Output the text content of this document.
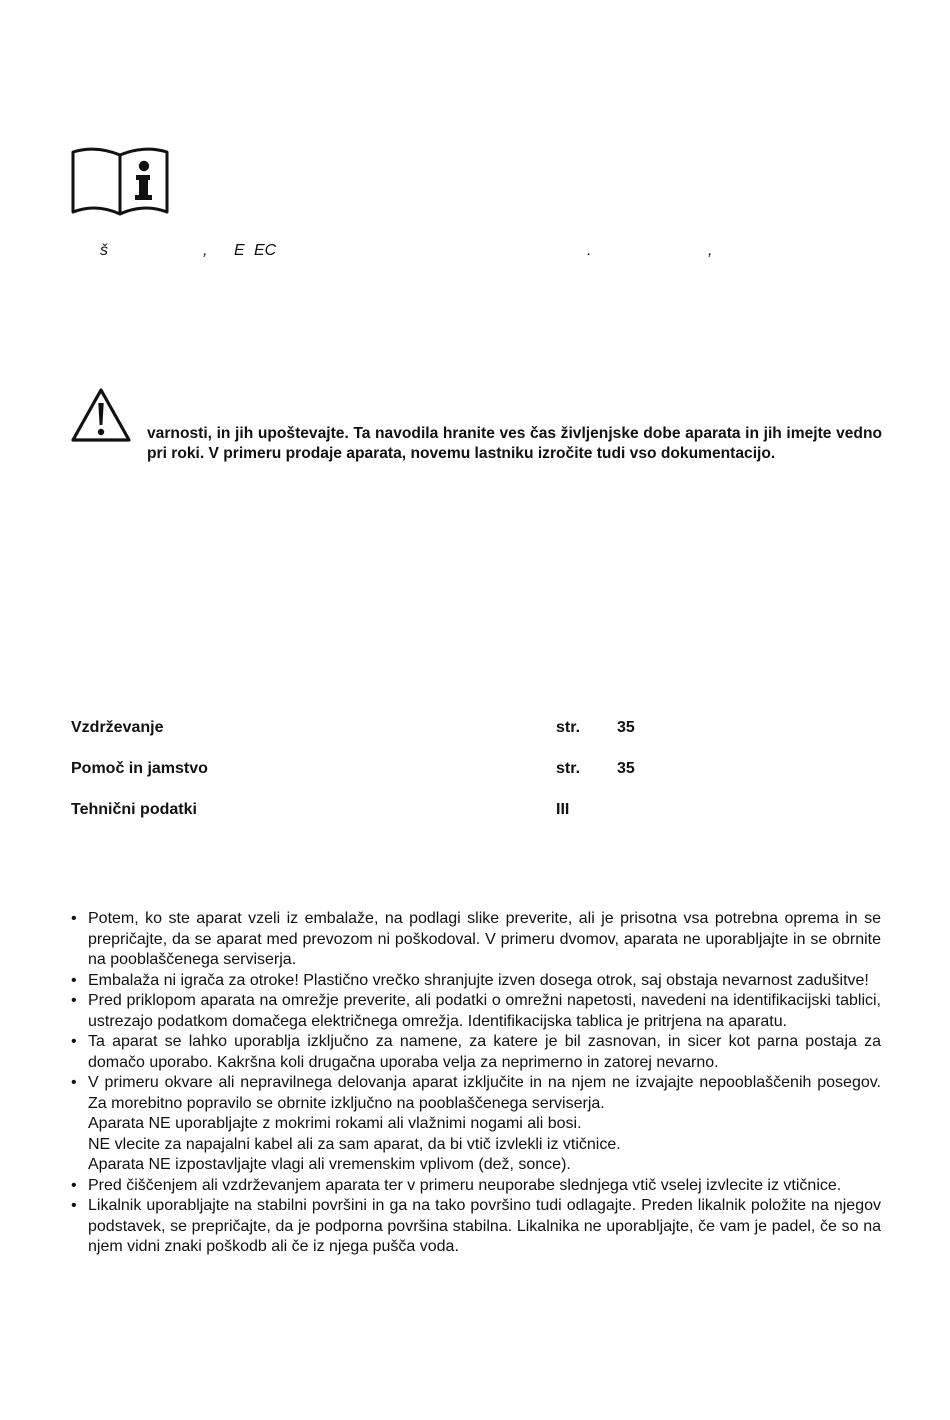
š	, E EC	.	,

varnosti, in jih upoštevajte. Ta navodila hranite ves čas življenjske dobe aparata in jih imejte vedno pri roki. V primeru prodaje aparata, novemu lastniku izročite tudi vso dokumentacijo.

Vzdrževanje	str. 35
Pomoč in jamstvo	str. 35
Tehnični podatki	III
• Potem, ko ste aparat vzeli iz embalaže, na podlagi slike preverite, ali je prisotna vsa potrebna oprema in se prepričajte, da se aparat med prevozom ni poškodoval. V primeru dvomov, aparata ne uporabljajte in se obrnite na pooblaščenega serviserja.
• Embalaža ni igrača za otroke! Plastično vrečko shranjujte izven dosega otrok, saj obstaja nevarnost zadušitve!
• Pred priklopom aparata na omrežje preverite, ali podatki o omrežni napetosti, navedeni na identifikacijski tablici, ustrezajo podatkom domačega električnega omrežja. Identifikacijska tablica je pritrjena na aparatu.
• Ta aparat se lahko uporablja izključno za namene, za katere je bil zasnovan, in sicer kot parna postaja za domačo uporabo. Kakršna koli drugačna uporaba velja za neprimerno in zatorej nevarno.
• V primeru okvare ali nepravilnega delovanja aparat izključite in na njem ne izvajajte nepooblaščenih posegov. Za morebitno popravilo se obrnite izključno na pooblaščenega serviserja.
Aparata NE uporabljajte z mokrimi rokami ali vlažnimi nogami ali bosi.
NE vlecite za napajalni kabel ali za sam aparat, da bi vtič izvlekli iz vtičnice.
Aparata NE izpostavljajte vlagi ali vremenskim vplivom (dež, sonce).
• Pred čiščenjem ali vzdrževanjem aparata ter v primeru neuporabe slednjega vtič vselej izvlecite iz vtičnice.
• Likalnik uporabljajte na stabilni površini in ga na tako površino tudi odlagajte. Preden likalnik položite na njegov podstavek, se prepričajte, da je podporna površina stabilna. Likalnika ne uporabljajte, če vam je padel, če so na njem vidni znaki poškodb ali če iz njega pušča voda.
